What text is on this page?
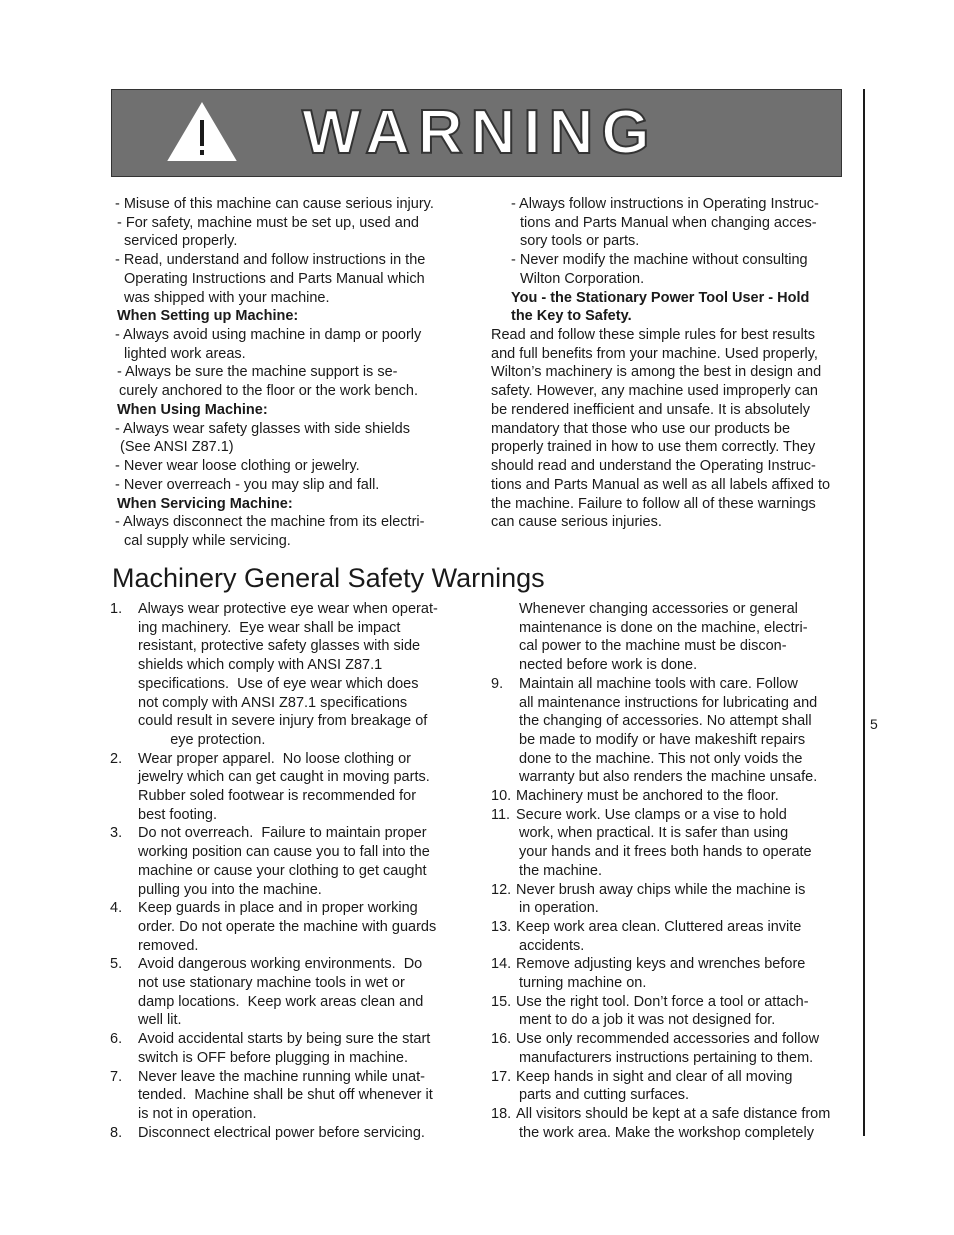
WARNING
5
- Misuse of this machine can cause serious injury.
- For safety, machine must be set up, used and
serviced properly.
- Read, understand and follow instructions in the
Operating Instructions and Parts Manual which
was shipped with your machine.
When Setting up Machine:
- Always avoid using machine in damp or poorly
lighted work areas.
- Always be sure the machine support is se-
curely anchored to the floor or the work bench.
When Using Machine:
- Always wear safety glasses with side shields
(See ANSI Z87.1)
- Never wear loose clothing or jewelry.
- Never overreach - you may slip and fall.
When Servicing Machine:
- Always disconnect the machine from its electri-
cal supply while servicing.
- Always follow instructions in Operating Instruc-
tions and Parts Manual when changing acces-
sory tools or parts.
- Never modify the machine without consulting
Wilton Corporation.
You - the Stationary Power Tool User - Hold
the Key to Safety.
Read and follow these simple rules for best results
and full benefits from your machine. Used properly,
Wilton’s machinery is among the best in design and
safety. However, any machine used improperly can
be rendered inefficient and unsafe. It is absolutely
mandatory that those who use our products be
properly trained in how to use them correctly. They
should read and understand the Operating Instruc-
tions and Parts Manual as well as all labels affixed to
the machine. Failure to follow all of these warnings
can cause serious injuries.
Machinery General Safety Warnings
1. Always wear protective eye wear when operat-
ing machinery.  Eye wear shall be impact
resistant, protective safety glasses with side
shields which comply with ANSI Z87.1
specifications.  Use of eye wear which does
not comply with ANSI Z87.1 specifications
could result in severe injury from breakage of
eye protection.
2. Wear proper apparel.  No loose clothing or
jewelry which can get caught in moving parts.
Rubber soled footwear is recommended for
best footing.
3. Do not overreach.  Failure to maintain proper
working position can cause you to fall into the
machine or cause your clothing to get caught
pulling you into the machine.
4. Keep guards in place and in proper working
order. Do not operate the machine with guards
removed.
5. Avoid dangerous working environments.  Do
not use stationary machine tools in wet or
damp locations.  Keep work areas clean and
well lit.
6. Avoid accidental starts by being sure the start
switch is OFF before plugging in machine.
7. Never leave the machine running while unat-
tended.  Machine shall be shut off whenever it
is not in operation.
8. Disconnect electrical power before servicing.
Whenever changing accessories or general
maintenance is done on the machine, electri-
cal power to the machine must be discon-
nected before work is done.
9. Maintain all machine tools with care. Follow
all maintenance instructions for lubricating and
the changing of accessories. No attempt shall
be made to modify or have makeshift repairs
done to the machine. This not only voids the
warranty but also renders the machine unsafe.
10. Machinery must be anchored to the floor.
11. Secure work. Use clamps or a vise to hold
work, when practical. It is safer than using
your hands and it frees both hands to operate
the machine.
12. Never brush away chips while the machine is
in operation.
13. Keep work area clean. Cluttered areas invite
accidents.
14. Remove adjusting keys and wrenches before
turning machine on.
15. Use the right tool. Don’t force a tool or attach-
ment to do a job it was not designed for.
16. Use only recommended accessories and follow
manufacturers instructions pertaining to them.
17. Keep hands in sight and clear of all moving
parts and cutting surfaces.
18. All visitors should be kept at a safe distance from
the work area. Make the workshop completely
